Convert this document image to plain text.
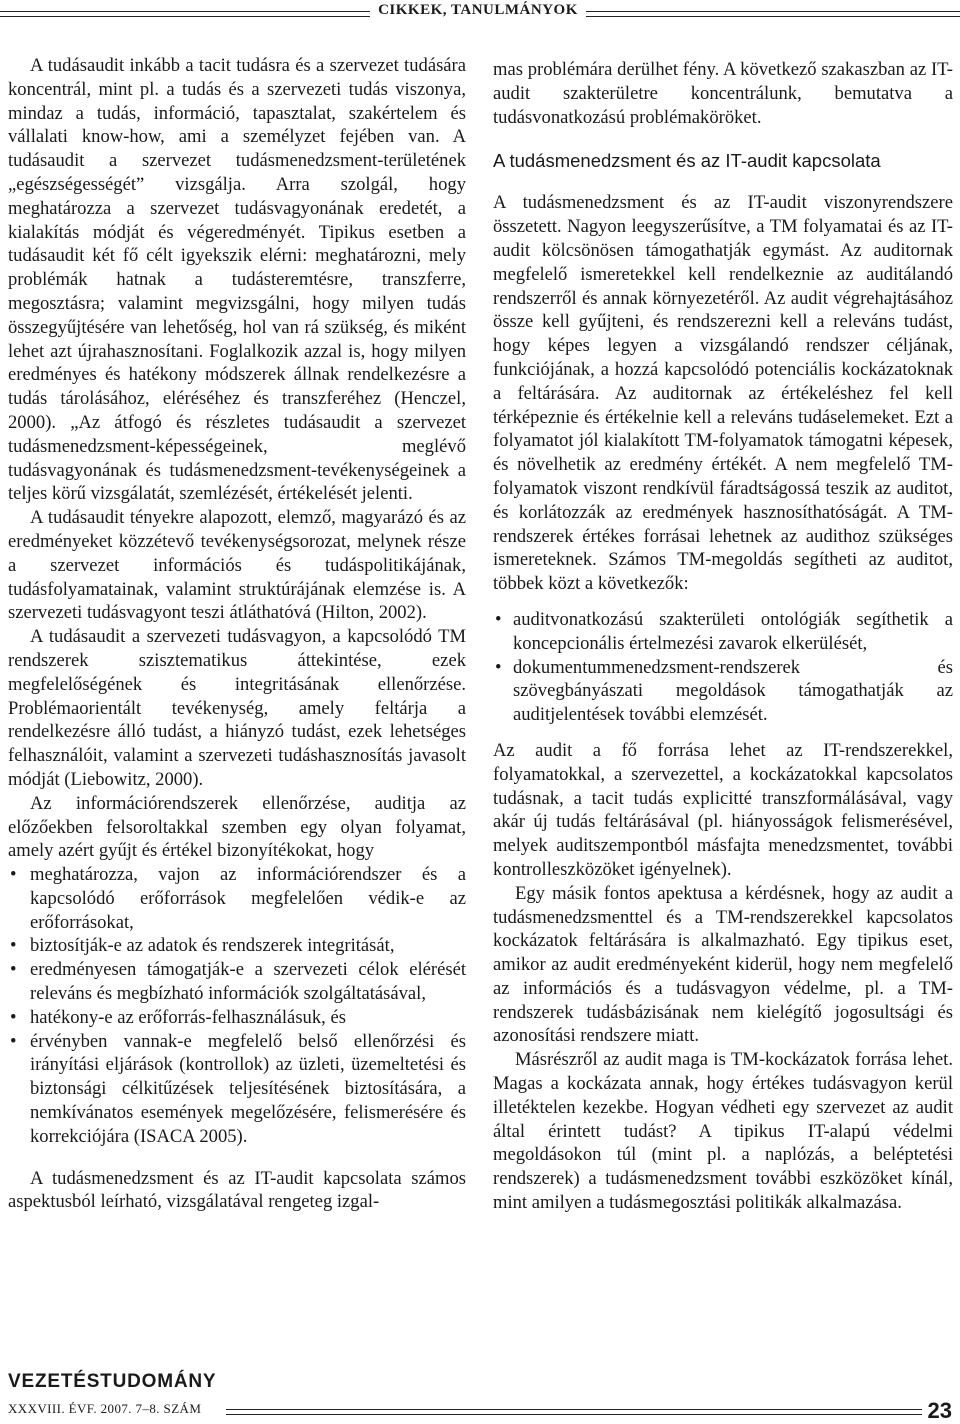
CIKKEK, TANULMÁNYOK

A tudásaudit inkább a tacit tudásra és a szervezet tudására koncentrál, mint pl. a tudás és a szervezeti tudás viszonya, mindaz a tudás, információ, tapasztalat, szakértelem és vállalati know-how, ami a személyzet fejében van. A tudásaudit a szervezet tudásmenedzsment-területének „egészségességét” vizsgálja. Arra szolgál, hogy meghatározza a szervezet tudásvagyonának eredetét, a kialakítás módját és végeredményét. Tipikus esetben a tudásaudit két fő célt igyekszik elérni: meghatározni, mely problémák hatnak a tudásteremtésre, transzferre, megosztásra; valamint megvizsgálni, hogy milyen tudás összegyűjtésére van lehetőség, hol van rá szükség, és miként lehet azt újrahasznosítani. Foglalkozik azzal is, hogy milyen eredményes és hatékony módszerek állnak rendelkezésre a tudás tárolásához, eléréséhez és transzferéhez (Henczel, 2000). „Az átfogó és részletes tudásaudit a szervezet tudásmenedzsment-képességeinek, meglévő tudásvagyonának és tudásmenedzsment-tevékenységeinek a teljes körű vizsgálatát, szemlézését, értékelését jelenti.

A tudásaudit tényekre alapozott, elemző, magyarázó és az eredményeket közzétevő tevékenységsorozat, melynek része a szervezet információs és tudáspolitikájának, tudásfolyamatainak, valamint struktúrájának elemzése is. A szervezeti tudásvagyont teszi átláthatóvá (Hilton, 2002).

A tudásaudit a szervezeti tudásvagyon, a kapcsolódó TM rendszerek szisztematikus áttekintése, ezek megfelelőségének és integritásának ellenőrzése. Problémaorientált tevékenység, amely feltárja a rendelkezésre álló tudást, a hiányzó tudást, ezek lehetséges felhasználóit, valamint a szervezeti tudáshasznosítás javasolt módját (Liebowitz, 2000).

Az információrendszerek ellenőrzése, auditja az előzőekben felsoroltakkal szemben egy olyan folyamat, amely azért gyűjt és értékel bizonyítékokat, hogy

• meghatározza, vajon az információrendszer és a kapcsolódó erőforrások megfelelően védik-e az erőforrásokat,
• biztosítják-e az adatok és rendszerek integritását,
• eredményesen támogatják-e a szervezeti célok elérését releváns és megbízható információk szolgáltatásával,
• hatékony-e az erőforrás-felhasználásuk, és
• érvényben vannak-e megfelelő belső ellenőrzési és irányítási eljárások (kontrollok) az üzleti, üzemeltetési és biztonsági célkitűzések teljesítésének biztosítására, a nemkívánatos események megelőzésére, felismerésére és korrekciójára (ISACA 2005).

A tudásmenedzsment és az IT-audit kapcsolata számos aspektusból leírható, vizsgálatával rengeteg izgal-

mas problémára derülhet fény. A következő szakaszban az IT-audit szakterületre koncentrálunk, bemutatva a tudásvonatkozású problémaköröket.

A tudásmenedzsment és az IT-audit kapcsolata

A tudásmenedzsment és az IT-audit viszonyrendszere összetett. Nagyon leegyszerűsítve, a TM folyamatai és az IT-audit kölcsönösen támogathatják egymást. Az auditornak megfelelő ismeretekkel kell rendelkeznie az auditálandó rendszerről és annak környezetéről. Az audit végrehajtásához össze kell gyűjteni, és rendszerezni kell a releváns tudást, hogy képes legyen a vizsgálandó rendszer céljának, funkciójának, a hozzá kapcsolódó potenciális kockázatoknak a feltárására. Az auditornak az értékeléshez fel kell térképeznie és értékelnie kell a releváns tudáselemeket. Ezt a folyamatot jól kialakított TM-folyamatok támogatni képesek, és növelhetik az eredmény értékét. A nem megfelelő TM-folyamatok viszont rendkívül fáradtságossá teszik az auditot, és korlátozzák az eredmények hasznosíthatóságát. A TM-rendszerek értékes forrásai lehetnek az audithoz szükséges ismereteknek. Számos TM-megoldás segítheti az auditot, többek közt a következők:

• auditvonatkozású szakterületi ontológiák segíthetik a koncepcionális értelmezési zavarok elkerülését,
• dokumentummenedzsment-rendszerek és szövegbányászati megoldások támogathatják az auditjelentések további elemzését.

Az audit a fő forrása lehet az IT-rendszerekkel, folyamatokkal, a szervezettel, a kockázatokkal kapcsolatos tudásnak, a tacit tudás explicitté transzformálásával, vagy akár új tudás feltárásával (pl. hiányosságok felismerésével, melyek auditszempontból másfajta menedzsmentet, további kontrolleszközöket igényelnek).

Egy másik fontos apektusa a kérdésnek, hogy az audit a tudásmenedzsmenttel és a TM-rendszerekkel kapcsolatos kockázatok feltárására is alkalmazható. Egy tipikus eset, amikor az audit eredményeként kiderül, hogy nem megfelelő az információs és a tudásvagyon védelme, pl. a TM-rendszerek tudásbázisának nem kielégítő jogosultsági és azonosítási rendszere miatt.

Másrészről az audit maga is TM-kockázatok forrása lehet. Magas a kockázata annak, hogy értékes tudásvagyon kerül illetéktelen kezekbe. Hogyan védheti egy szervezet az audit által érintett tudást? A tipikus IT-alapú védelmi megoldásokon túl (mint pl. a naplózás, a beléptetési rendszerek) a tudásmenedzsment további eszközöket kínál, mint amilyen a tudásmegosztási politikák alkalmazása.

VEZETÉSTUDOMÁNY
XXXVIII. ÉVF. 2007. 7–8. SZÁM	23
